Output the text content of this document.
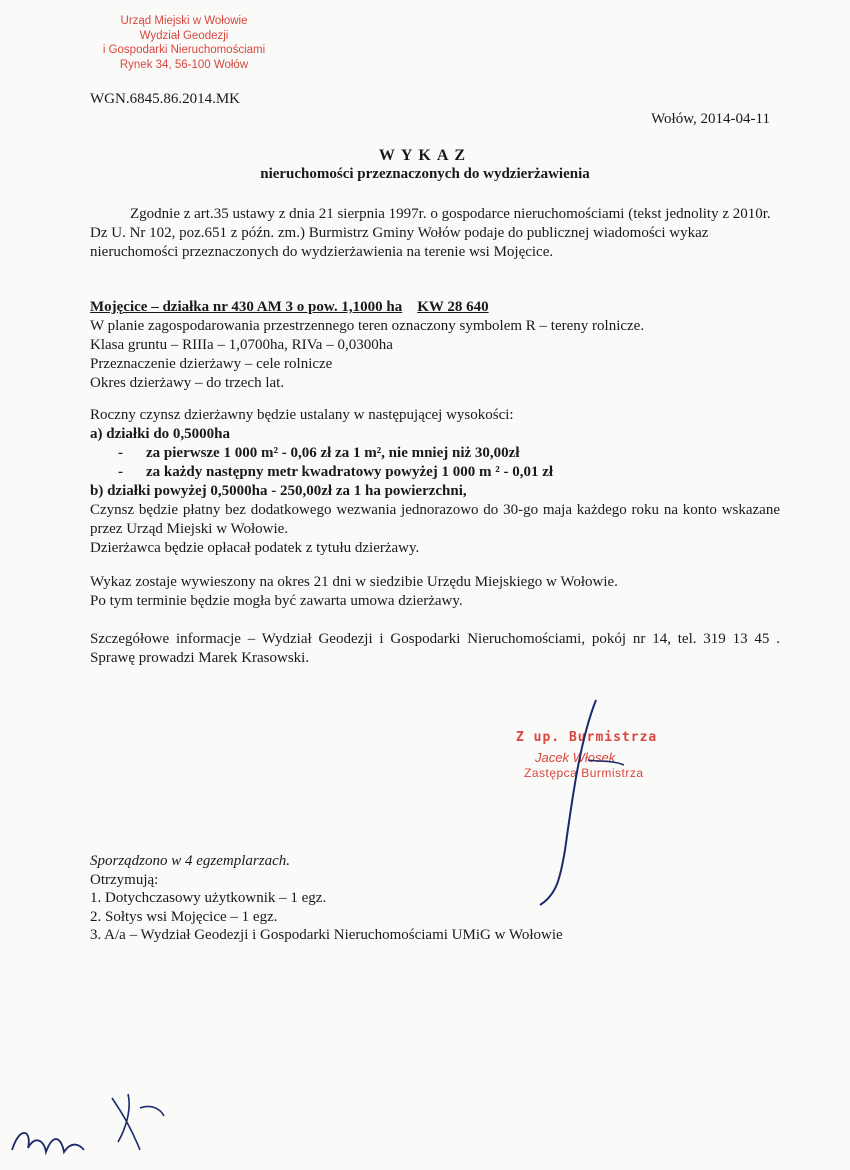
Urząd Miejski w Wołowie
Wydział Geodezji
i Gospodarki Nieruchomościami
Rynek 34, 56-100 Wołów
WGN.6845.86.2014.MK
Wołów, 2014-04-11
WYKAZ
nieruchomości przeznaczonych do wydzierżawienia
Zgodnie z art.35 ustawy z dnia 21 sierpnia 1997r. o gospodarce nieruchomościami (tekst jednolity z 2010r. Dz U. Nr 102, poz.651 z późn. zm.) Burmistrz Gminy Wołów podaje do publicznej wiadomości wykaz nieruchomości przeznaczonych do wydzierżawienia na terenie wsi Mojęcice.
Mojęcice – działka nr 430 AM 3 o pow. 1,1000 ha KW 28 640
W planie zagospodarowania przestrzennego teren oznaczony symbolem R – tereny rolnicze.
Klasa gruntu – RIIIa – 1,0700ha, RIVa – 0,0300ha
Przeznaczenie dzierżawy – cele rolnicze
Okres dzierżawy – do trzech lat.
Roczny czynsz dzierżawny będzie ustalany w następującej wysokości:
a) działki do 0,5000ha
- za pierwsze 1 000 m² - 0,06 zł za 1 m², nie mniej niż 30,00zł
- za każdy następny metr kwadratowy powyżej 1 000 m ² - 0,01 zł
b) działki powyżej 0,5000ha - 250,00zł za 1 ha powierzchni,
Czynsz będzie płatny bez dodatkowego wezwania jednorazowo do 30-go maja każdego roku na konto wskazane przez Urząd Miejski w Wołowie.
Dzierżawca będzie opłacał podatek z tytułu dzierżawy.
Wykaz zostaje wywieszony na okres 21 dni w siedzibie Urzędu Miejskiego w Wołowie.
Po tym terminie będzie mogła być zawarta umowa dzierżawy.
Szczegółowe informacje – Wydział Geodezji i Gospodarki Nieruchomościami, pokój nr 14, tel. 319 13 45 . Sprawę prowadzi Marek Krasowski.
Z up. Burmistrza
Jacek Włosek
Zastępca Burmistrza
Sporządzono w 4 egzemplarzach.
Otrzymują:
1. Dotychczasowy użytkownik – 1 egz.
2. Sołtys wsi Mojęcice – 1 egz.
3. A/a – Wydział Geodezji i Gospodarki Nieruchomościami UMiG w Wołowie
